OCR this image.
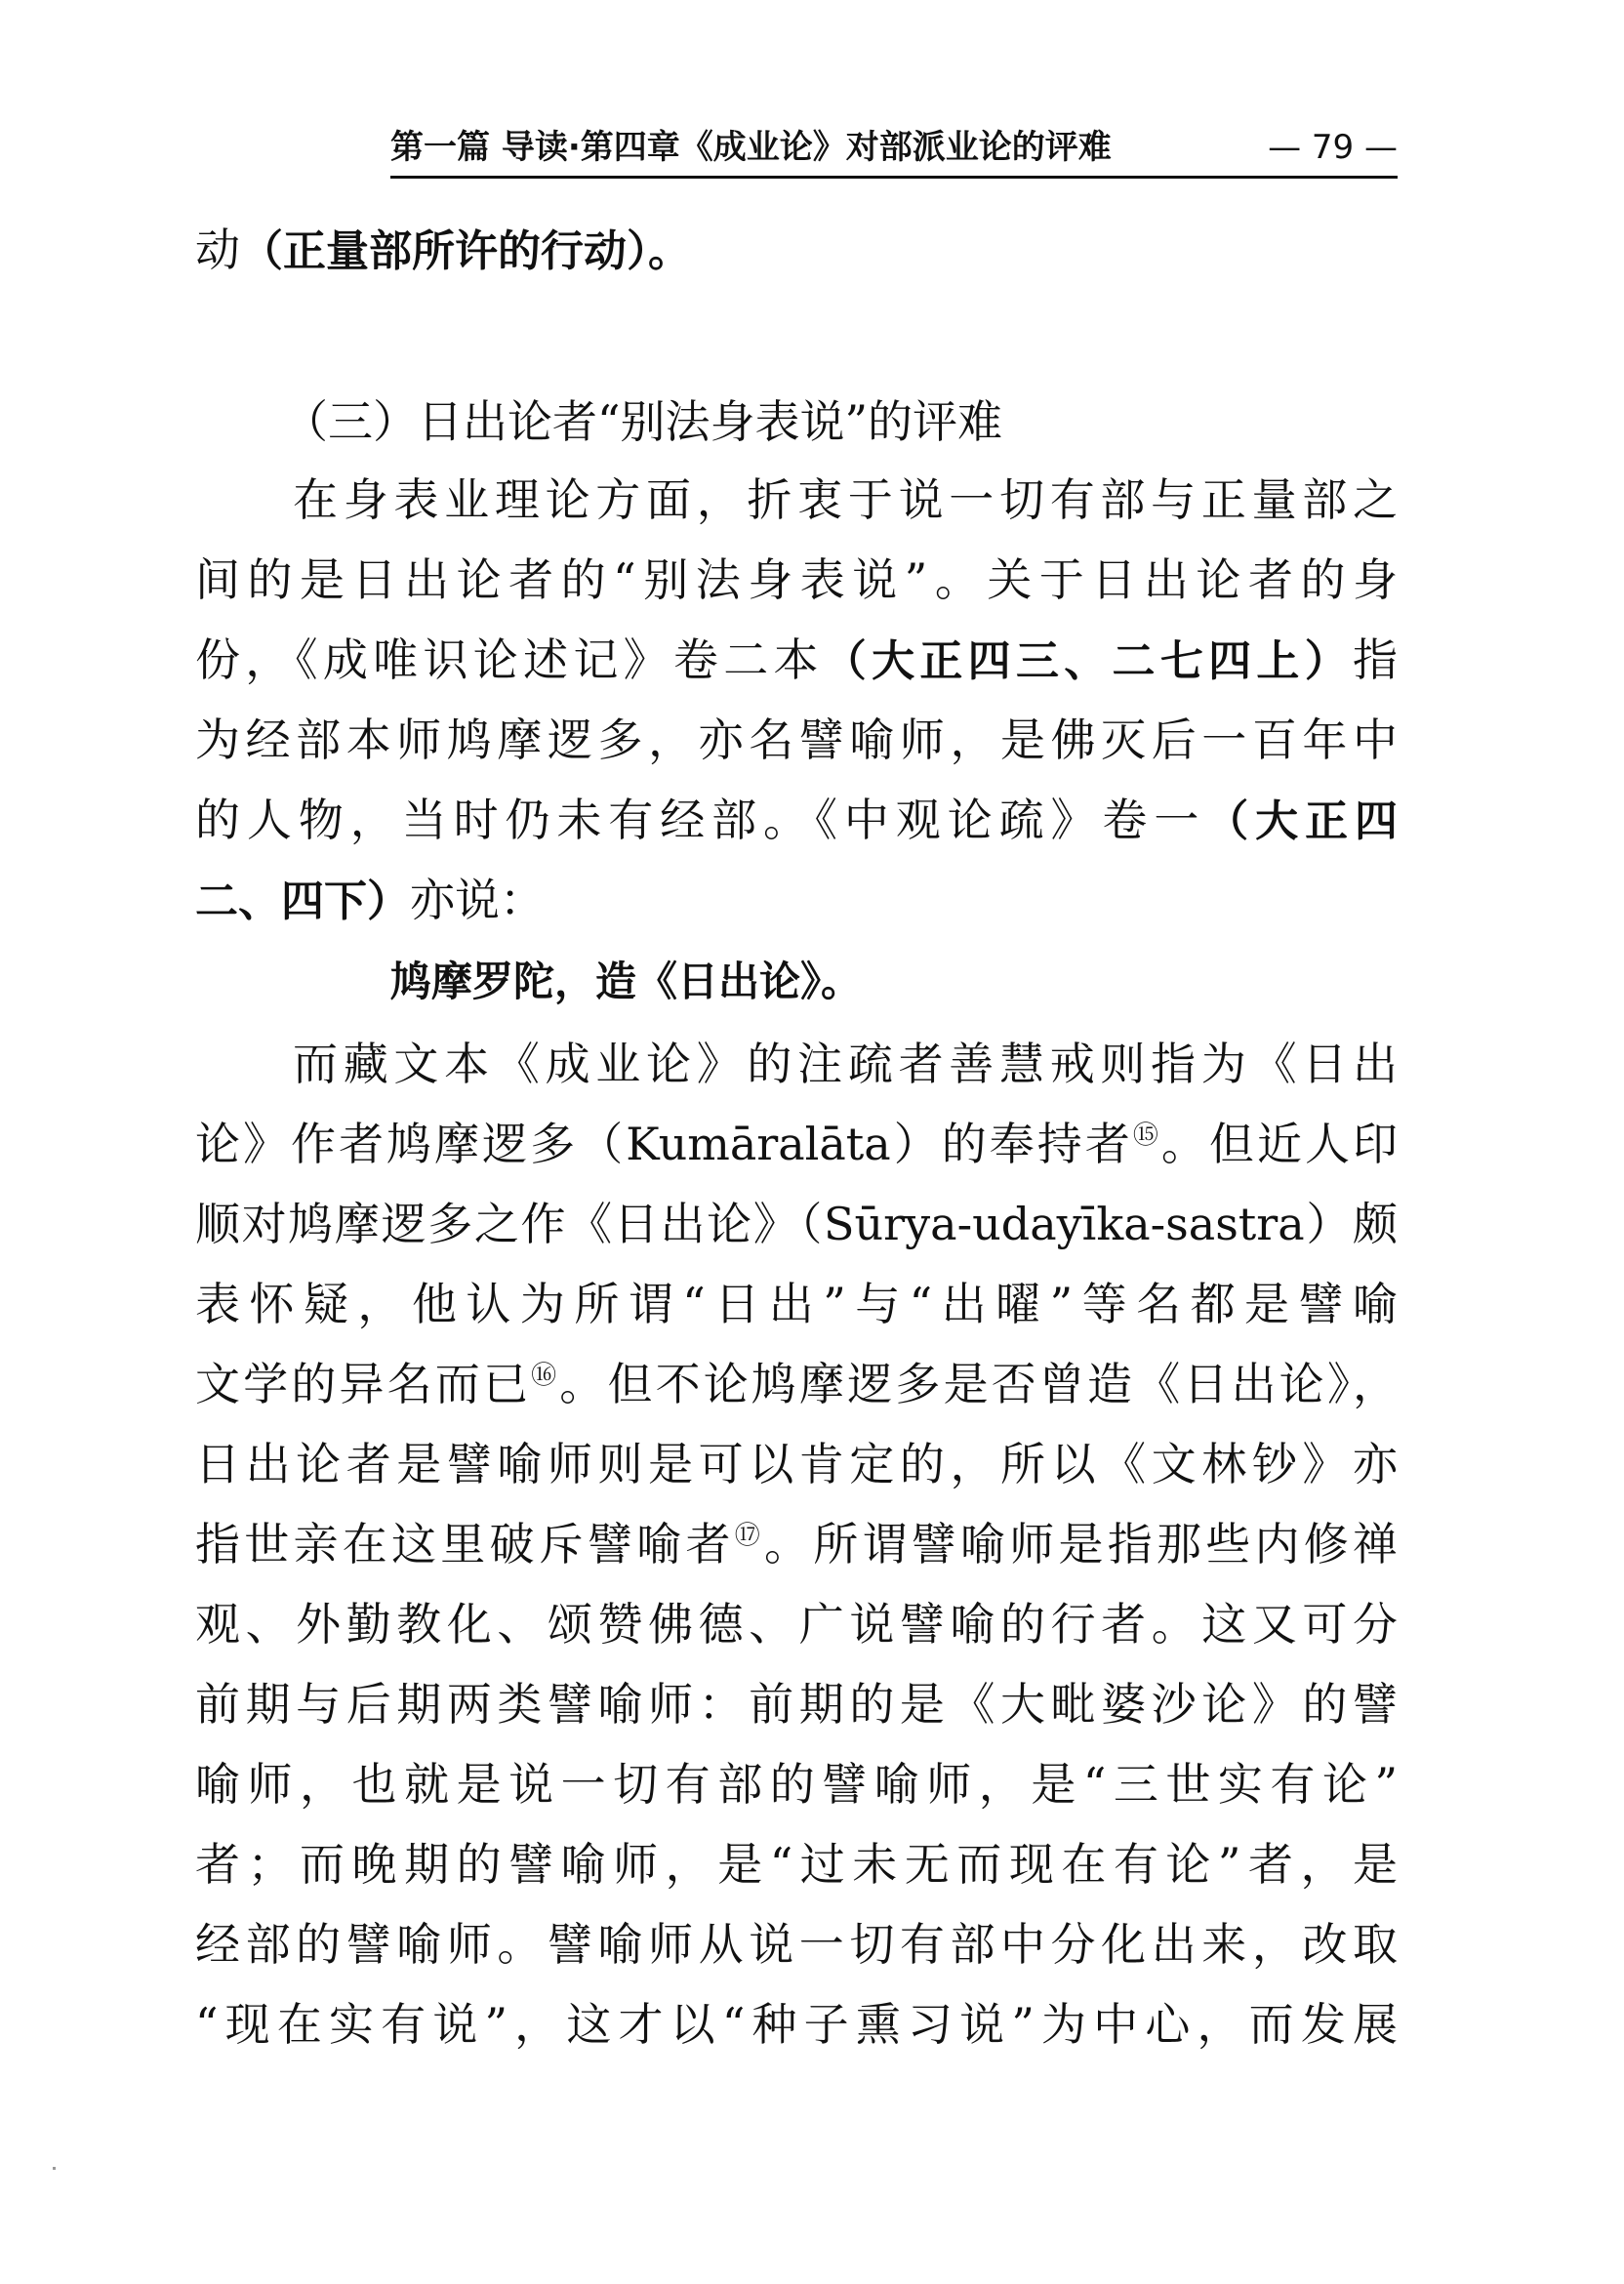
第一篇 导读·第四章《成业论》对部派业论的评难	— 79 —
动（正量部所许的行动）。
（三）日出论者“别法身表说”的评难
在身表业理论方面，折衷于说一切有部与正量部之
间的是日出论者的“别法身表说”。关于日出论者的身
份，《成唯识论述记》卷二本（大正四三、二七四上）指
为经部本师鸠摩逻多，亦名譬喻师，是佛灭后一百年中
的人物，当时仍未有经部。《中观论疏》卷一（大正四
二、四下）亦说：
鸠摩罗陀，造《日出论》。
而藏文本《成业论》的注疏者善慧戒则指为《日出
论》作者鸠摩逻多（Kumāralāta）的奉持者⑮。但近人印
顺对鸠摩逻多之作《日出论》（Sūrya-udayīka-sastra）颇
表怀疑，他认为所谓“日出”与“出曜”等名都是譬喻
文学的异名而已⑯。但不论鸠摩逻多是否曾造《日出论》，
日出论者是譬喻师则是可以肯定的，所以《文林钞》亦
指世亲在这里破斥譬喻者⑰。所谓譬喻师是指那些内修禅
观、外勤教化、颂赞佛德、广说譬喻的行者。这又可分
前期与后期两类譬喻师：前期的是《大毗婆沙论》的譬
喻师，也就是说一切有部的譬喻师，是“三世实有论”
者；而晚期的譬喻师，是“过未无而现在有论”者，是
经部的譬喻师。譬喻师从说一切有部中分化出来，改取
“现在实有说”，这才以“种子熏习说”为中心，而发展
